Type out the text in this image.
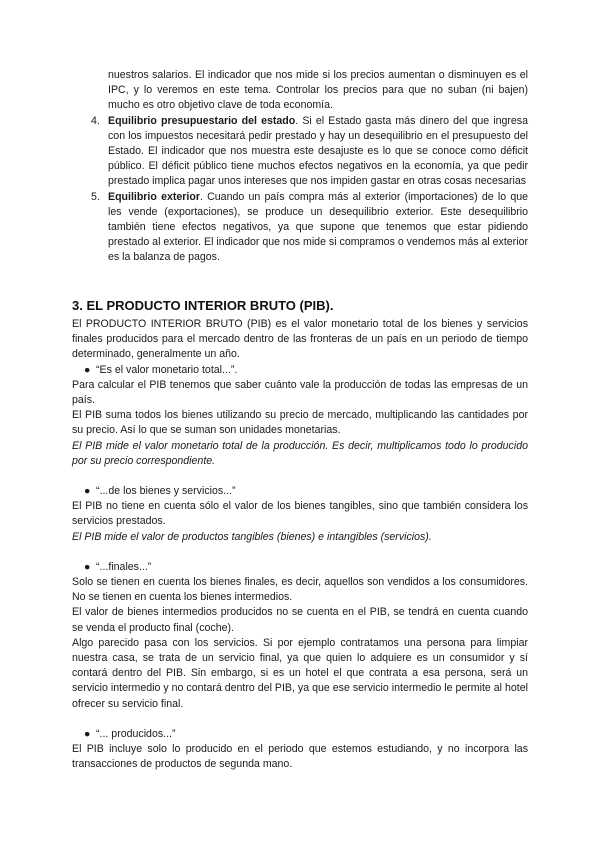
nuestros salarios. El indicador que nos mide si los precios aumentan o disminuyen es el IPC, y lo veremos en este tema. Controlar los precios para que no suban (ni bajen) mucho es otro objetivo clave de toda economía.

4. Equilibrio presupuestario del estado. Si el Estado gasta más dinero del que ingresa con los impuestos necesitará pedir prestado y hay un desequilibrio en el presupuesto del Estado. El indicador que nos muestra este desajuste es lo que se conoce como déficit público. El déficit público tiene muchos efectos negativos en la economía, ya que pedir prestado implica pagar unos intereses que nos impiden gastar en otras cosas necesarias
5. Equilibrio exterior. Cuando un país compra más al exterior (importaciones) de lo que les vende (exportaciones), se produce un desequilibrio exterior. Este desequilibrio también tiene efectos negativos, ya que supone que tenemos que estar pidiendo prestado al exterior. El indicador que nos mide si compramos o vendemos más al exterior es la balanza de pagos.
3. EL PRODUCTO INTERIOR BRUTO (PIB).

El PRODUCTO INTERIOR BRUTO (PIB) es el valor monetario total de los bienes y servicios finales producidos para el mercado dentro de las fronteras de un país en un periodo de tiempo determinado, generalmente un año.

● “Es el valor monetario total...”.

Para calcular el PIB tenemos que saber cuánto vale la producción de todas las empresas de un país.

El PIB suma todos los bienes utilizando su precio de mercado, multiplicando las cantidades por su precio. Así lo que se suman son unidades monetarias.

El PIB mide el valor monetario total de la producción. Es decir, multiplicamos todo lo producido por su precio correspondiente.

● “...de los bienes y servicios...”

El PIB no tiene en cuenta sólo el valor de los bienes tangibles, sino que también considera los servicios prestados.

El PIB mide el valor de productos tangibles (bienes) e intangibles (servicios).

● “...finales...”

Solo se tienen en cuenta los bienes finales, es decir, aquellos son vendidos a los consumidores. No se tienen en cuenta los bienes intermedios.

El valor de bienes intermedios producidos no se cuenta en el PIB, se tendrá en cuenta cuando se venda el producto final (coche).

Algo parecido pasa con los servicios. Si por ejemplo contratamos una persona para limpiar nuestra casa, se trata de un servicio final, ya que quien lo adquiere es un consumidor y sí contará dentro del PIB. Sin embargo, si es un hotel el que contrata a esa persona, será un servicio intermedio y no contará dentro del PIB, ya que ese servicio intermedio le permite al hotel ofrecer su servicio final.

● “... producidos...”

El PIB incluye solo lo producido en el periodo que estemos estudiando, y no incorpora las transacciones de productos de segunda mano.
